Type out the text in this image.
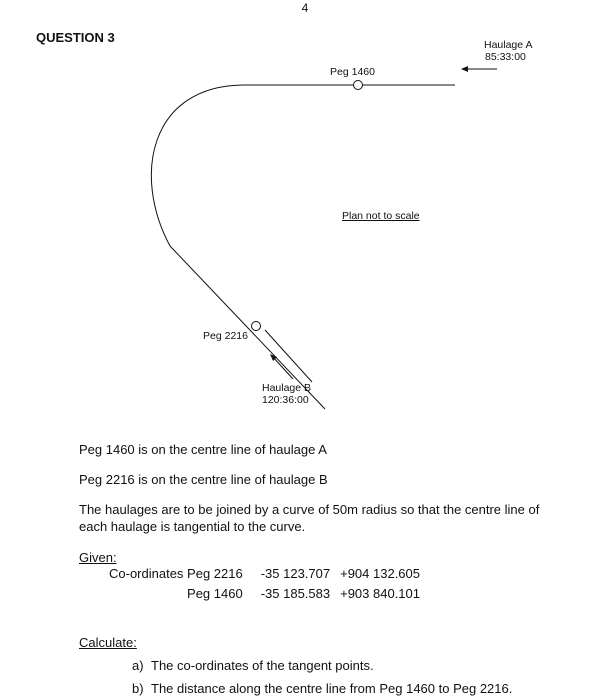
4
QUESTION 3	Haulage A
85:33:00
Peg 1460
Plan not to scale
Peg 2216
Haulage B
120:36:00
Peg 1460 is on the centre line of haulage A
Peg 2216 is on the centre line of haulage B
The haulages are to be joined by a curve of 50m radius so that the centre line of each haulage is tangential to the curve.
Given:
Co-ordinates Peg 2216	-35 123.707	+904 132.605
Peg 1460	-35 185.583	+903 840.101
Calculate:
a) The co-ordinates of the tangent points.
b) The distance along the centre line from Peg 1460 to Peg 2216.
